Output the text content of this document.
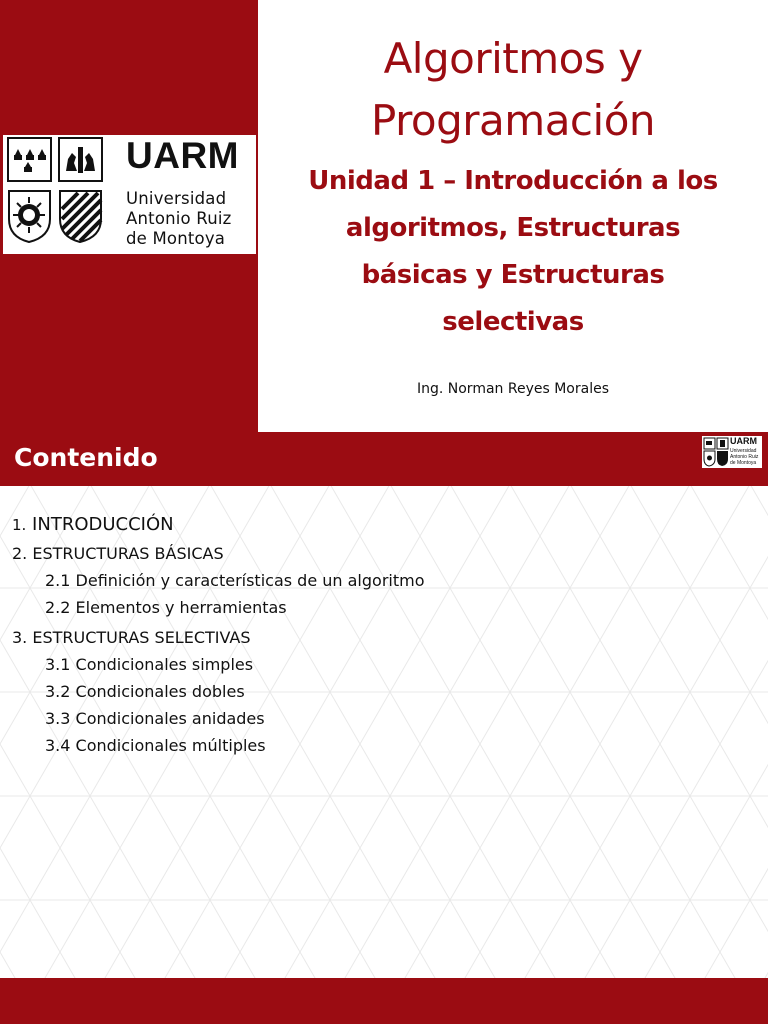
UARM
Universidad
Antonio Ruiz
de Montoya
Algoritmos y
Programación
Unidad 1 – Introducción a los
algoritmos, Estructuras
básicas y Estructuras
selectivas
Ing. Norman Reyes Morales
Contenido
UARM
Universidad
Antonio Ruiz
de Montoya
1. INTRODUCCIÓN
2. ESTRUCTURAS BÁSICAS
2.1 Definición y características de un algoritmo
2.2 Elementos y herramientas
3. ESTRUCTURAS SELECTIVAS
3.1 Condicionales simples
3.2 Condicionales dobles
3.3 Condicionales anidades
3.4 Condicionales múltiples
